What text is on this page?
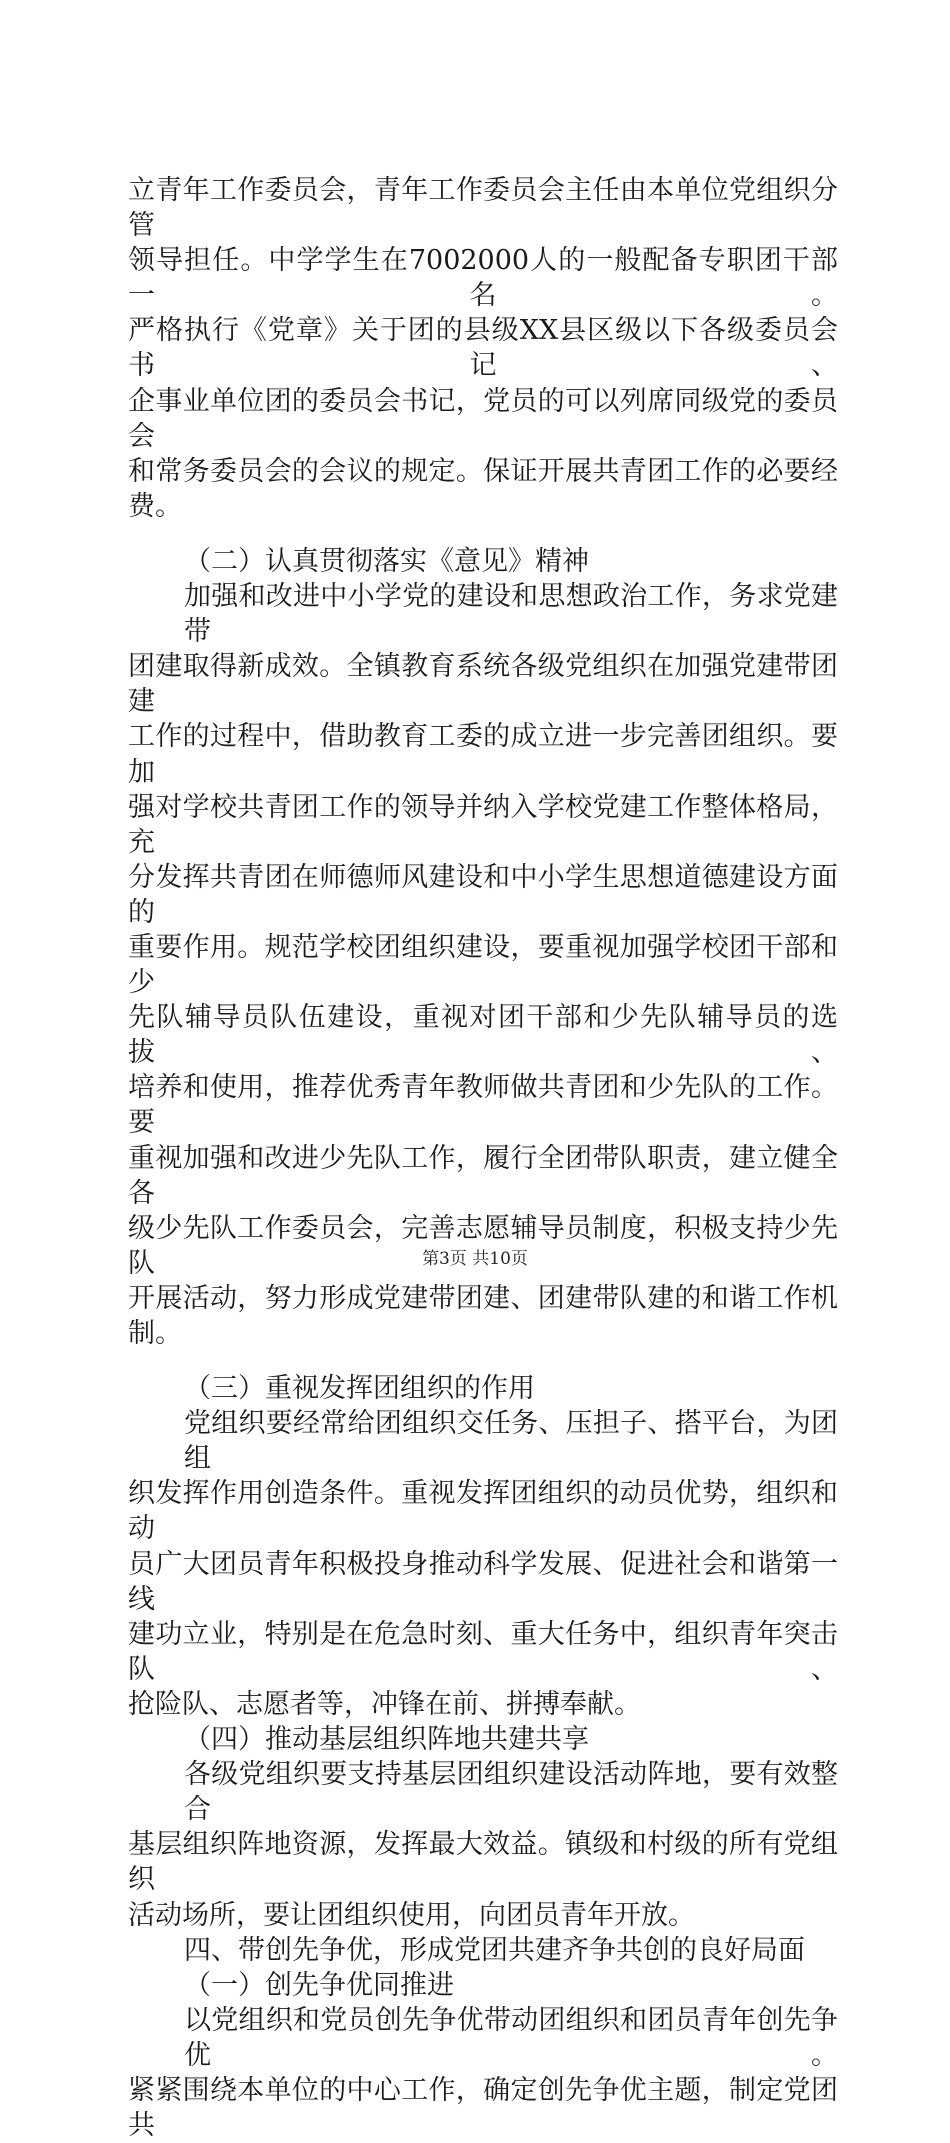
立青年工作委员会，青年工作委员会主任由本单位党组织分管

领导担任。中学学生在7002000人的一般配备专职团干部一名。

严格执行《党章》关于团的县级XX县区级以下各级委员会书记、

企事业单位团的委员会书记，党员的可以列席同级党的委员会

和常务委员会的会议的规定。保证开展共青团工作的必要经费。

（二）认真贯彻落实《意见》精神

加强和改进中小学党的建设和思想政治工作，务求党建带

团建取得新成效。全镇教育系统各级党组织在加强党建带团建

工作的过程中，借助教育工委的成立进一步完善团组织。要加

强对学校共青团工作的领导并纳入学校党建工作整体格局，充

分发挥共青团在师德师风建设和中小学生思想道德建设方面的

重要作用。规范学校团组织建设，要重视加强学校团干部和少

先队辅导员队伍建设，重视对团干部和少先队辅导员的选拔、

培养和使用，推荐优秀青年教师做共青团和少先队的工作。要

重视加强和改进少先队工作，履行全团带队职责，建立健全各

级少先队工作委员会，完善志愿辅导员制度，积极支持少先队

开展活动，努力形成党建带团建、团建带队建的和谐工作机制。

（三）重视发挥团组织的作用

党组织要经常给团组织交任务、压担子、搭平台，为团组

织发挥作用创造条件。重视发挥团组织的动员优势，组织和动

员广大团员青年积极投身推动科学发展、促进社会和谐第一线

建功立业，特别是在危急时刻、重大任务中，组织青年突击队、

抢险队、志愿者等，冲锋在前、拼搏奉献。

（四）推动基层组织阵地共建共享

各级党组织要支持基层团组织建设活动阵地，要有效整合

基层组织阵地资源，发挥最大效益。镇级和村级的所有党组织

活动场所，要让团组织使用，向团员青年开放。

四、带创先争优，形成党团共建齐争共创的良好局面

（一）创先争优同推进

以党组织和党员创先争优带动团组织和团员青年创先争优。

紧紧围绕本单位的中心工作，确定创先争优主题，制定党团共

第3页 共10页
